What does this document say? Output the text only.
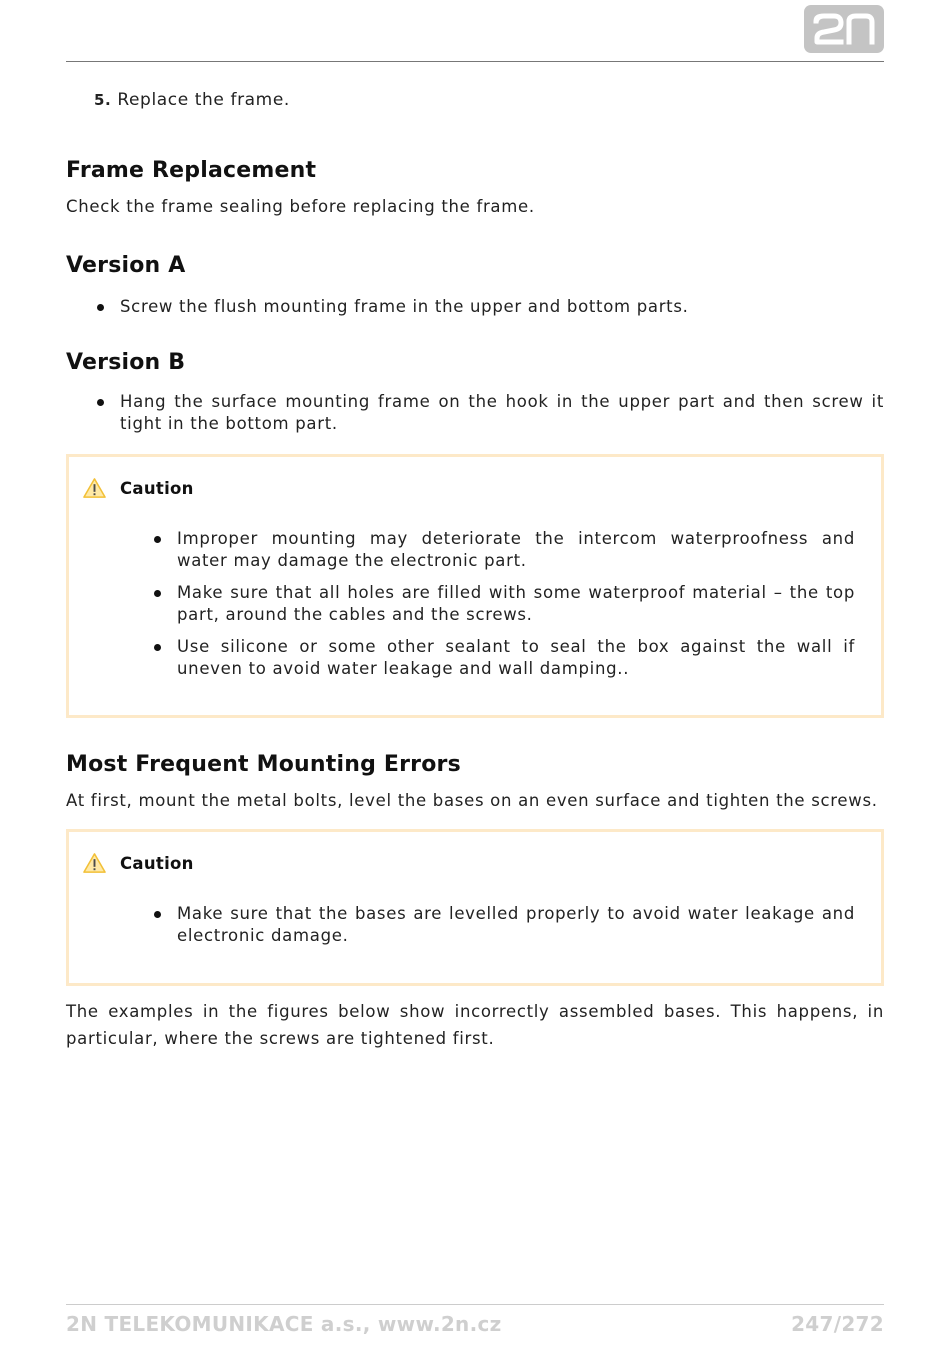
5. Replace the frame.
Frame Replacement

Check the frame sealing before replacing the frame.

Version A
Screw the flush mounting frame in the upper and bottom parts.
Version B
Hang the surface mounting frame on the hook in the upper part and then screw it tight in the bottom part.
Caution
Improper mounting may deteriorate the intercom waterproofness and water may damage the electronic part.
Make sure that all holes are filled with some waterproof material – the top part, around the cables and the screws.
Use silicone or some other sealant to seal the box against the wall if uneven to avoid water leakage and wall damping..
Most Frequent Mounting Errors

At first, mount the metal bolts, level the bases on an even surface and tighten the screws.

Caution
Make sure that the bases are levelled properly to avoid water leakage and electronic damage.

The examples in the figures below show incorrectly assembled bases. This happens, in particular, where the screws are tightened first.

2N TELEKOMUNIKACE a.s., www.2n.cz	247/272
